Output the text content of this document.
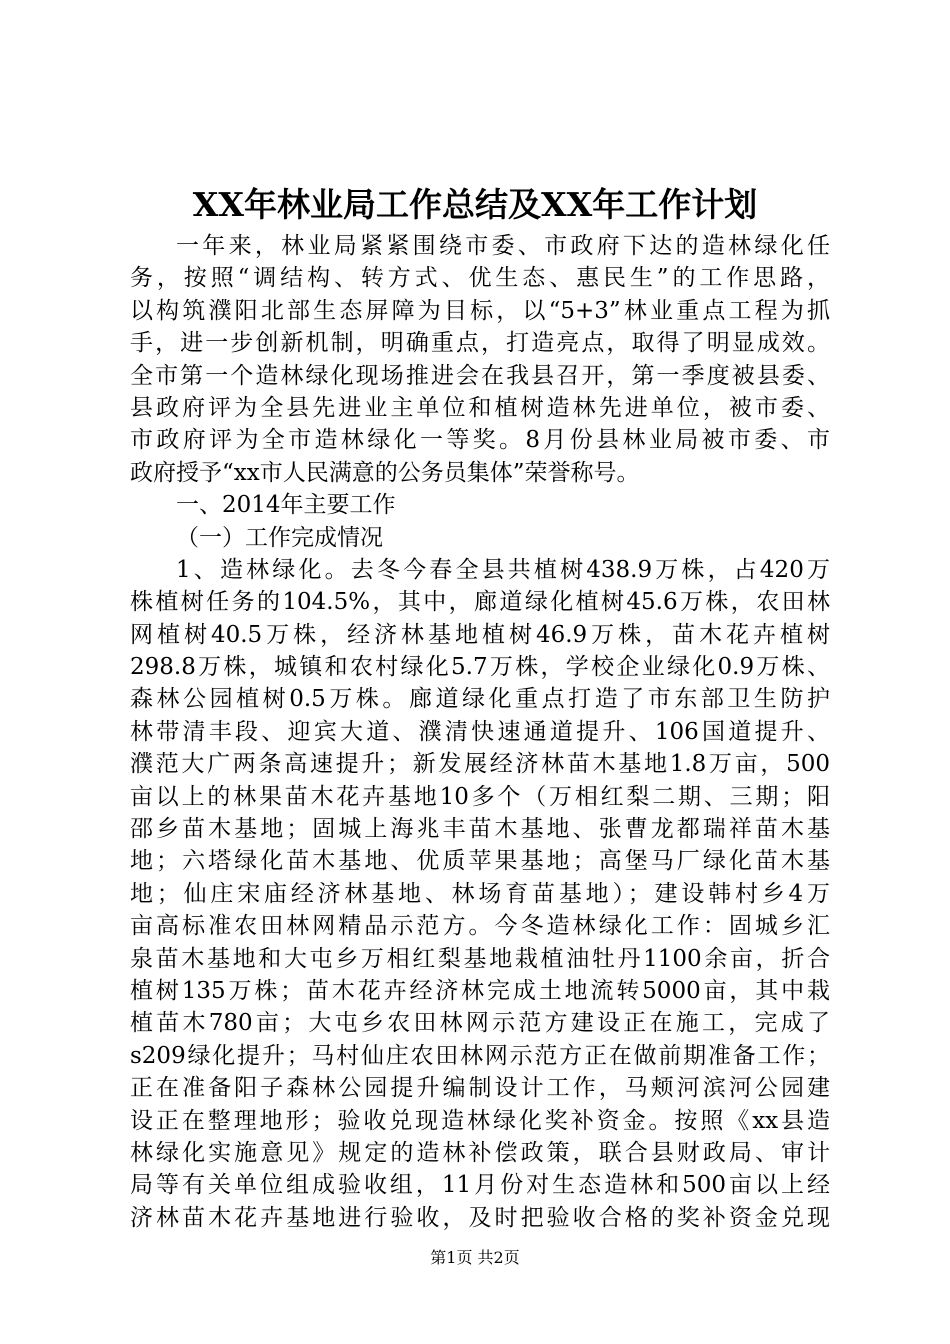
XX年林业局工作总结及XX年工作计划
一年来，林业局紧紧围绕市委、市政府下达的造林绿化任
务，按照“调结构、转方式、优生态、惠民生”的工作思路，
以构筑濮阳北部生态屏障为目标，以“5+3”林业重点工程为抓
手，进一步创新机制，明确重点，打造亮点，取得了明显成效。
全市第一个造林绿化现场推进会在我县召开，第一季度被县委、
县政府评为全县先进业主单位和植树造林先进单位，被市委、
市政府评为全市造林绿化一等奖。8月份县林业局被市委、市
政府授予“xx市人民满意的公务员集体”荣誉称号。
一、2014年主要工作
（一）工作完成情况
1、造林绿化。去冬今春全县共植树438.9万株，占420万
株植树任务的104.5%，其中，廊道绿化植树45.6万株，农田林
网植树40.5万株，经济林基地植树46.9万株，苗木花卉植树
298.8万株，城镇和农村绿化5.7万株，学校企业绿化0.9万株、
森林公园植树0.5万株。廊道绿化重点打造了市东部卫生防护
林带清丰段、迎宾大道、濮清快速通道提升、106国道提升、
濮范大广两条高速提升；新发展经济林苗木基地1.8万亩，500
亩以上的林果苗木花卉基地10多个（万相红梨二期、三期；阳
邵乡苗木基地；固城上海兆丰苗木基地、张曹龙都瑞祥苗木基
地；六塔绿化苗木基地、优质苹果基地；高堡马厂绿化苗木基
地；仙庄宋庙经济林基地、林场育苗基地）；建设韩村乡4万
亩高标准农田林网精品示范方。今冬造林绿化工作：固城乡汇
泉苗木基地和大屯乡万相红梨基地栽植油牡丹1100余亩，折合
植树135万株；苗木花卉经济林完成土地流转5000亩，其中栽
植苗木780亩；大屯乡农田林网示范方建设正在施工，完成了
s209绿化提升；马村仙庄农田林网示范方正在做前期准备工作；
正在准备阳子森林公园提升编制设计工作，马颊河滨河公园建
设正在整理地形；验收兑现造林绿化奖补资金。按照《xx县造
林绿化实施意见》规定的造林补偿政策，联合县财政局、审计
局等有关单位组成验收组，11月份对生态造林和500亩以上经
济林苗木花卉基地进行验收，及时把验收合格的奖补资金兑现
第1页 共2页
